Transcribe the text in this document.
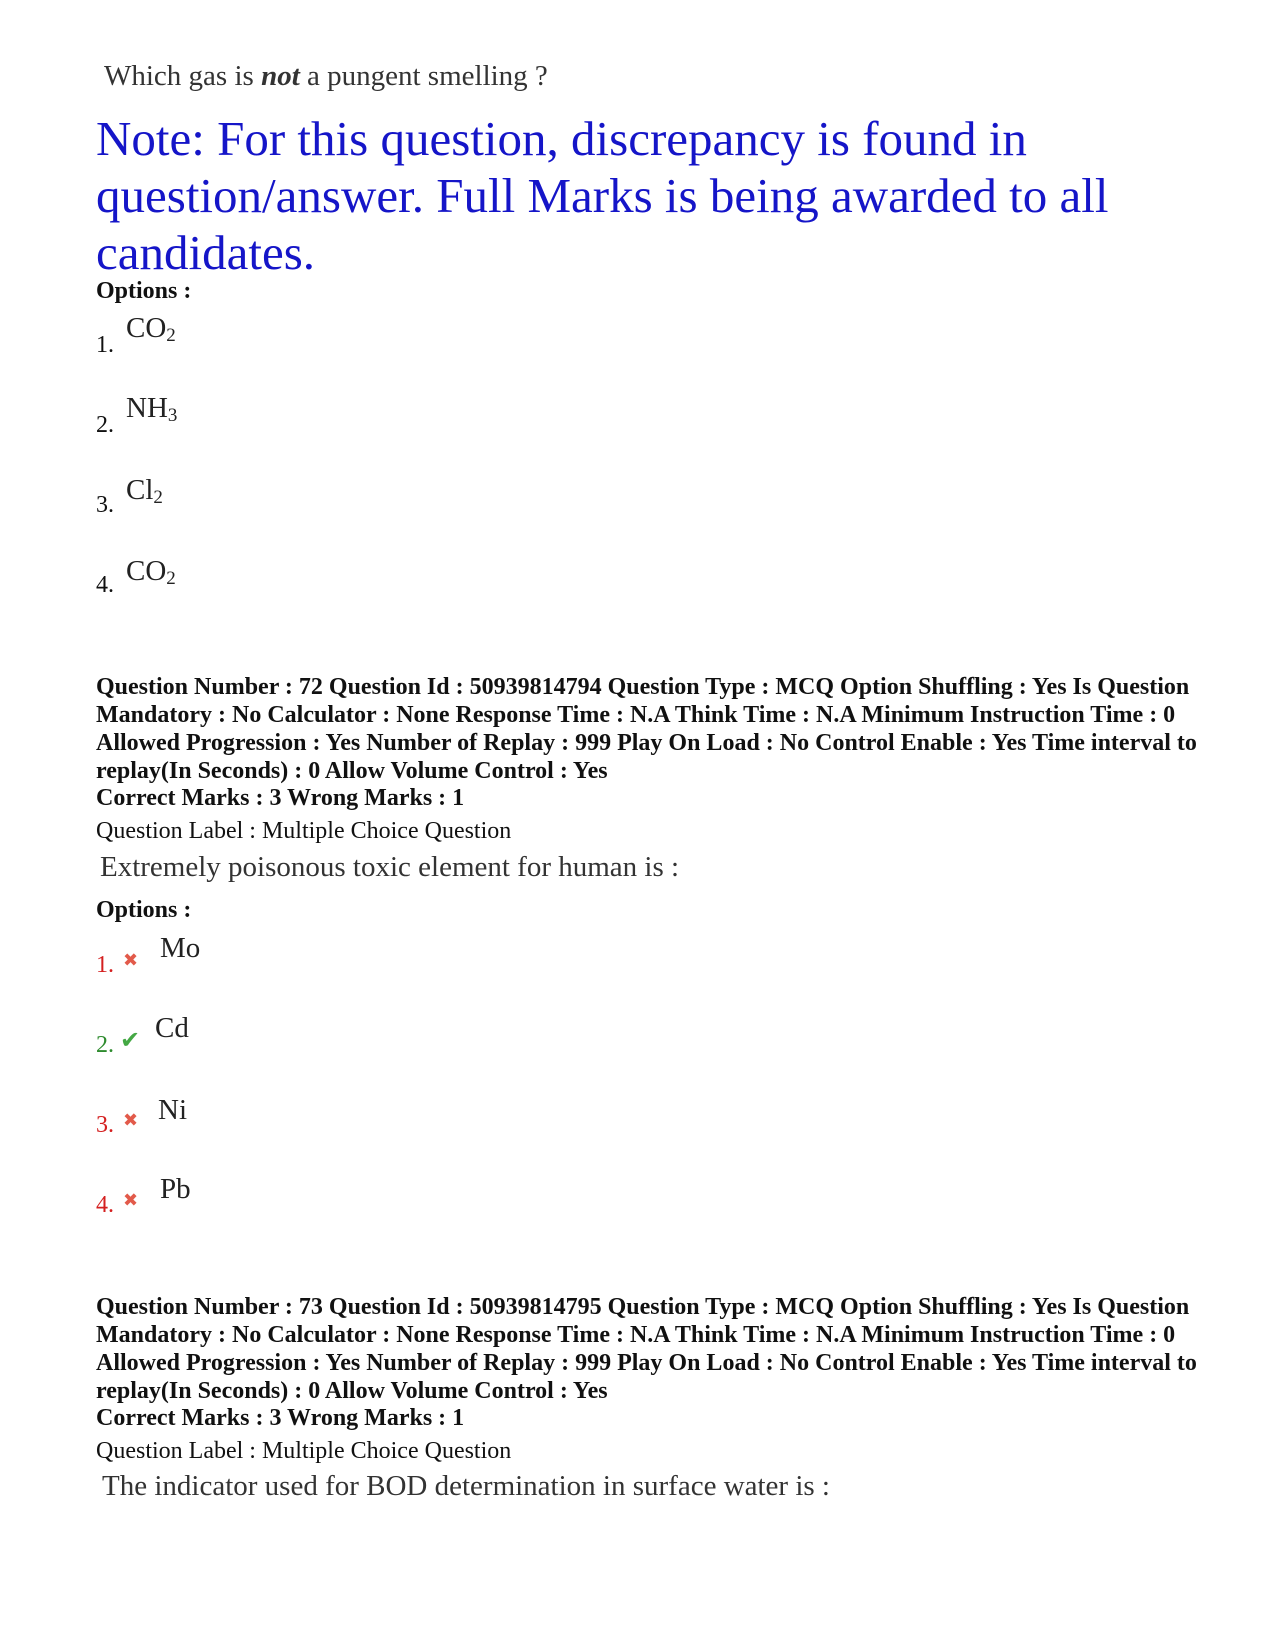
Which gas is not a pungent smelling ?
Note: For this question, discrepancy is found in question/answer. Full Marks is being awarded to all candidates.
Options :
1.
$CO_2$
2.
$NH_3$
3. $Cl_2$
4. $CO_2$
Question Number : 72 Question Id : 50939814794 Question Type : MCQ Option Shuffling : Yes Is Question Mandatory : No Calculator : None Response Time : N.A Think Time : N.A Minimum Instruction Time : 0 Allowed Progression : Yes Number of Replay : 999 Play On Load : No Control Enable : Yes Time interval to replay(In Seconds) : 0 Allow Volume Control : Yes
Correct Marks : 3 Wrong Marks : 1
Question Label : Multiple Choice Question
Extremely poisonous toxic element for human is :
Options :
1. ✖ Mo
2. ✔ Cd
3. ✖ Ni
4. ✖ Pb
Question Number : 73 Question Id : 50939814795 Question Type : MCQ Option Shuffling : Yes Is Question Mandatory : No Calculator : None Response Time : N.A Think Time : N.A Minimum Instruction Time : 0 Allowed Progression : Yes Number of Replay : 999 Play On Load : No Control Enable : Yes Time interval to replay(In Seconds) : 0 Allow Volume Control : Yes
Correct Marks : 3 Wrong Marks : 1
Question Label : Multiple Choice Question
The indicator used for BOD determination in surface water is :
